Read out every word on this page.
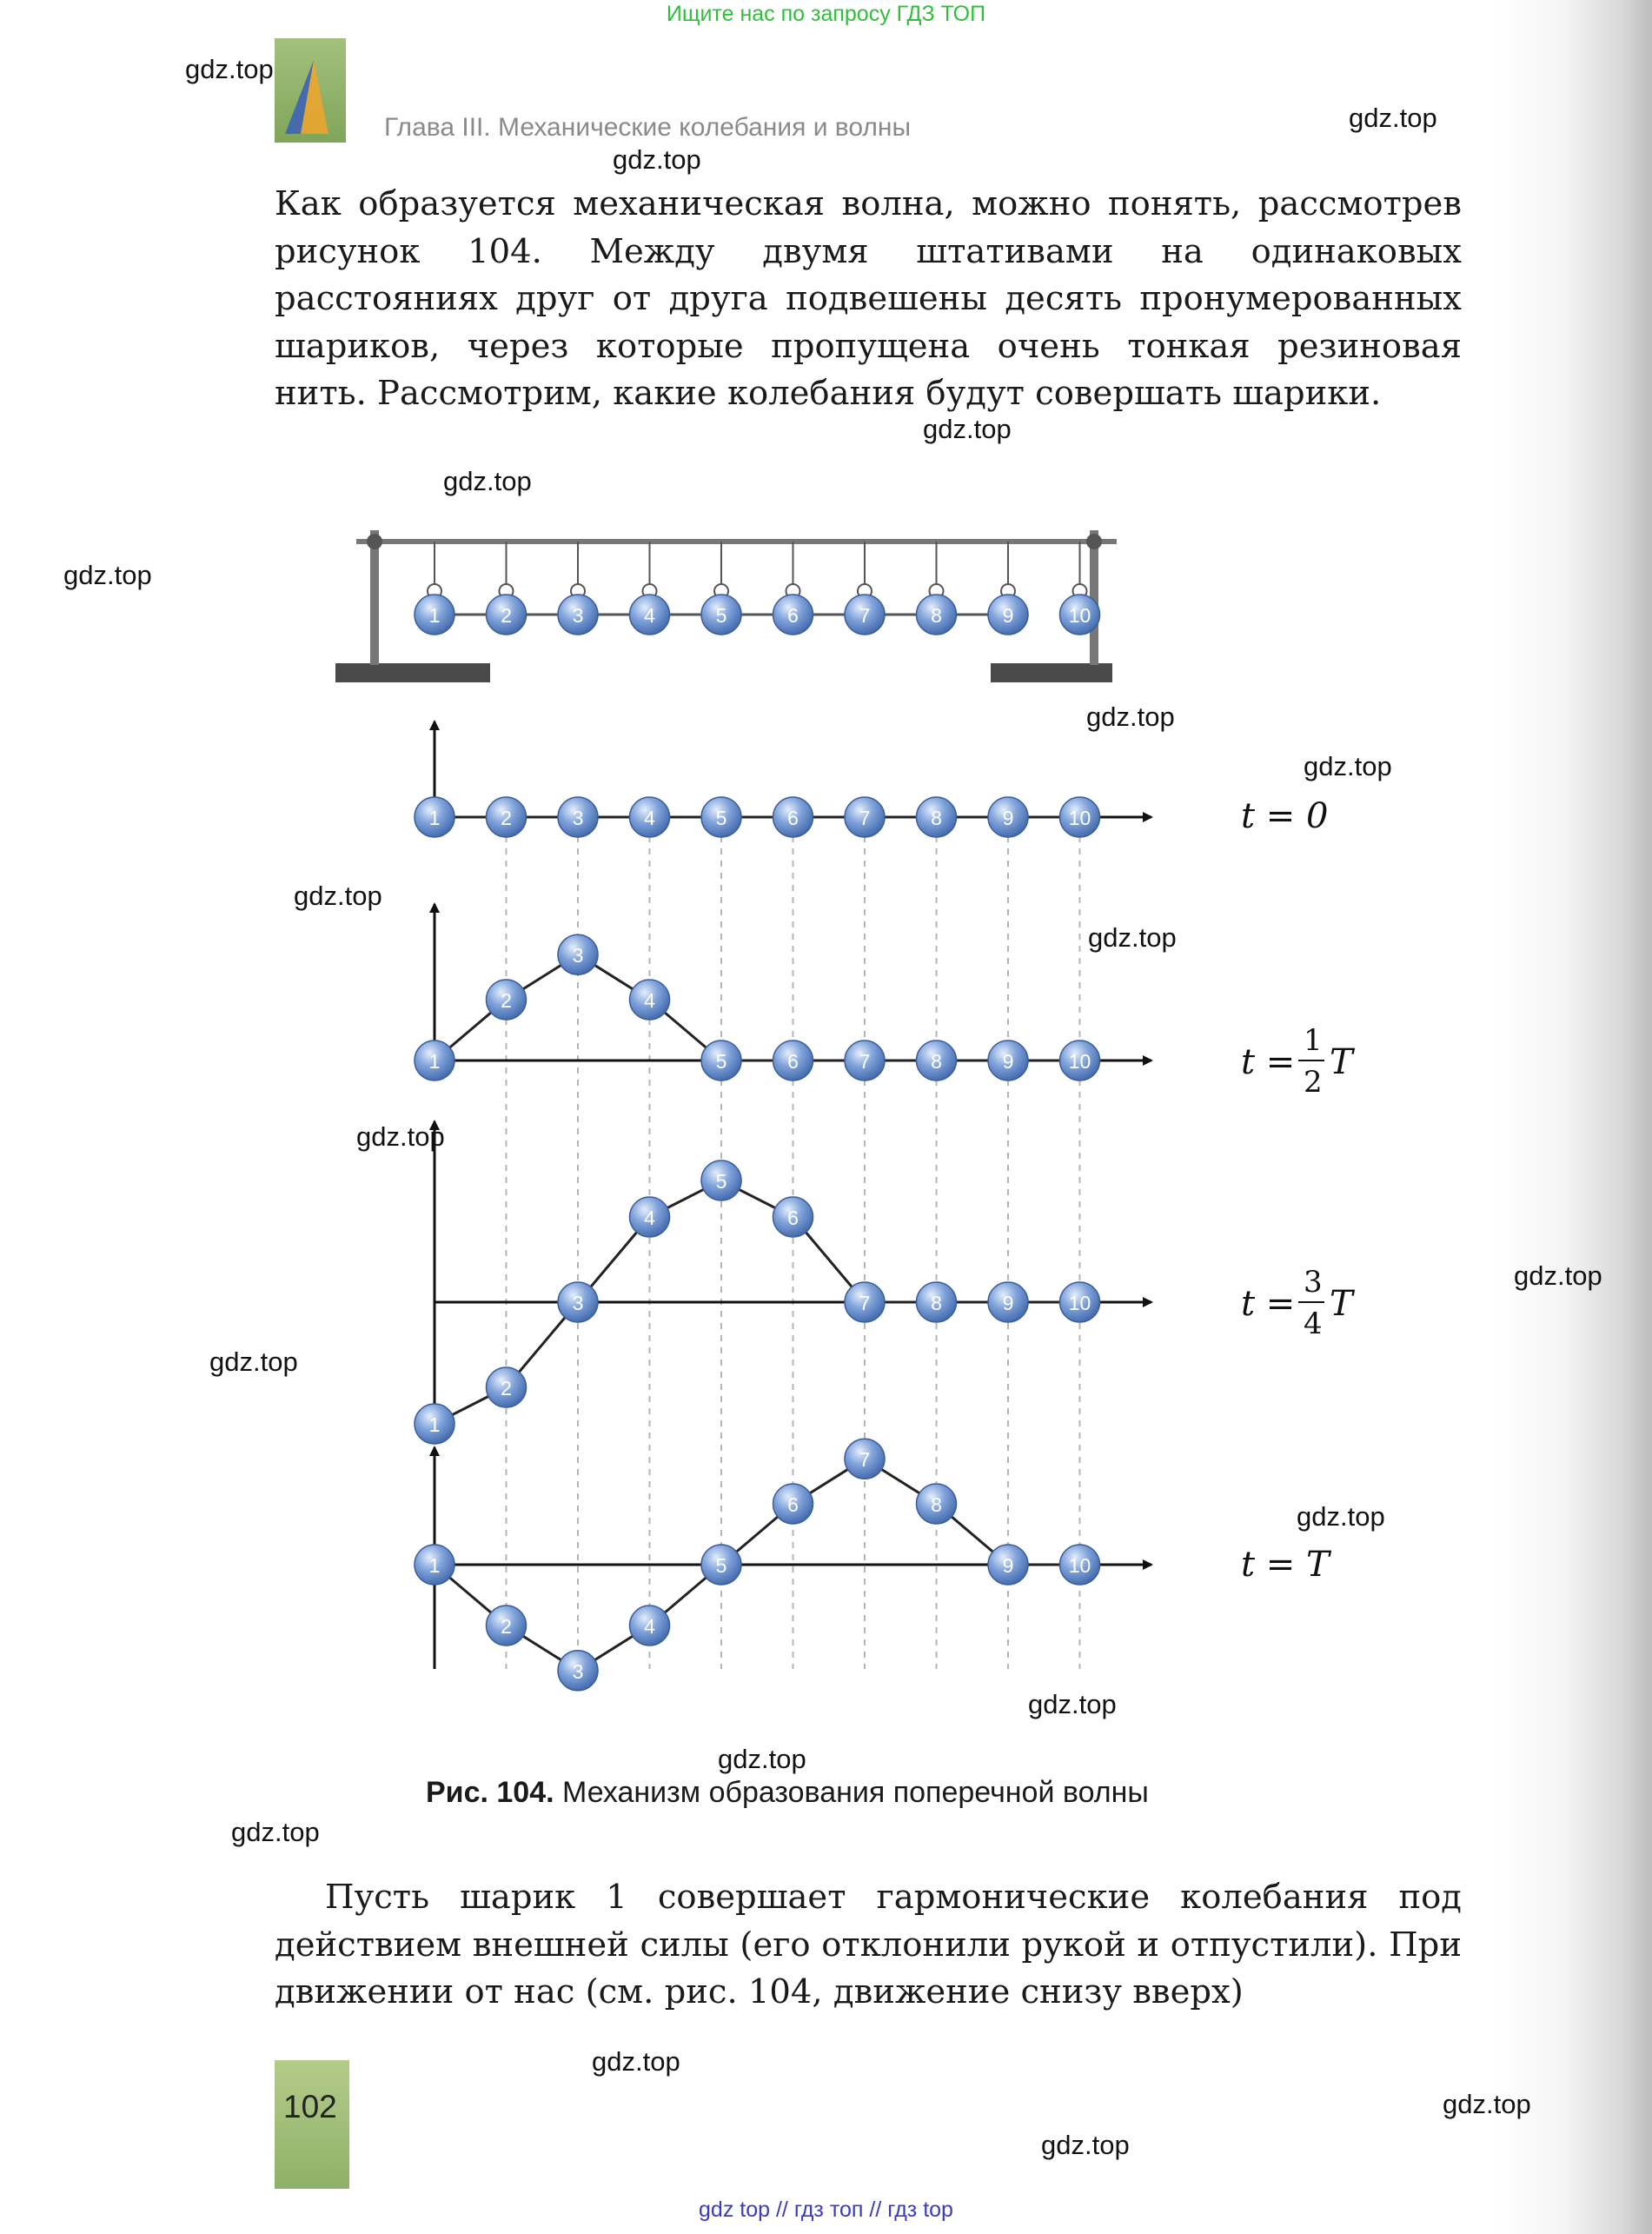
Ищите нас по запросу ГДЗ ТОП
Глава III. Механические колебания и волны
Как образуется механическая волна, можно понять, рассмотрев рисунок 104. Между двумя штативами на одинаковых расстояниях друг от друга подвешены десять пронумерованных шариков, через которые пропущена очень тонкая резиновая нить. Рассмотрим, какие колебания будут совершать шарики.
1	2	3	4	5	6	7	8	9	10
1	2	3	4	5	6	7	8	9	10
1
2
3
4
5	6	7	8	9	10
1
2
3
4
5
6
7	8	9	10
1
2
3
4
5
6
7
8
9	10
t = 0
t =
1
2 T
t =
3
4 T
t = T
Рис. 104. Механизм образования поперечной волны
Пусть шарик 1 совершает гармонические колебания под действием внешней силы (его отклонили рукой и отпустили). При движении от нас (см. рис. 104, движение снизу вверх)
102
gdz.top
gdz.top
gdz.top
gdz.top
gdz.top
gdz.top
gdz.top
gdz.top
gdz.top
gdz.top
gdz.top
gdz.top
gdz.top
gdz.top
gdz.top
gdz.top
gdz.top
gdz.top
gdz.top
gdz.top
gdz top // гдз топ // гдз top
